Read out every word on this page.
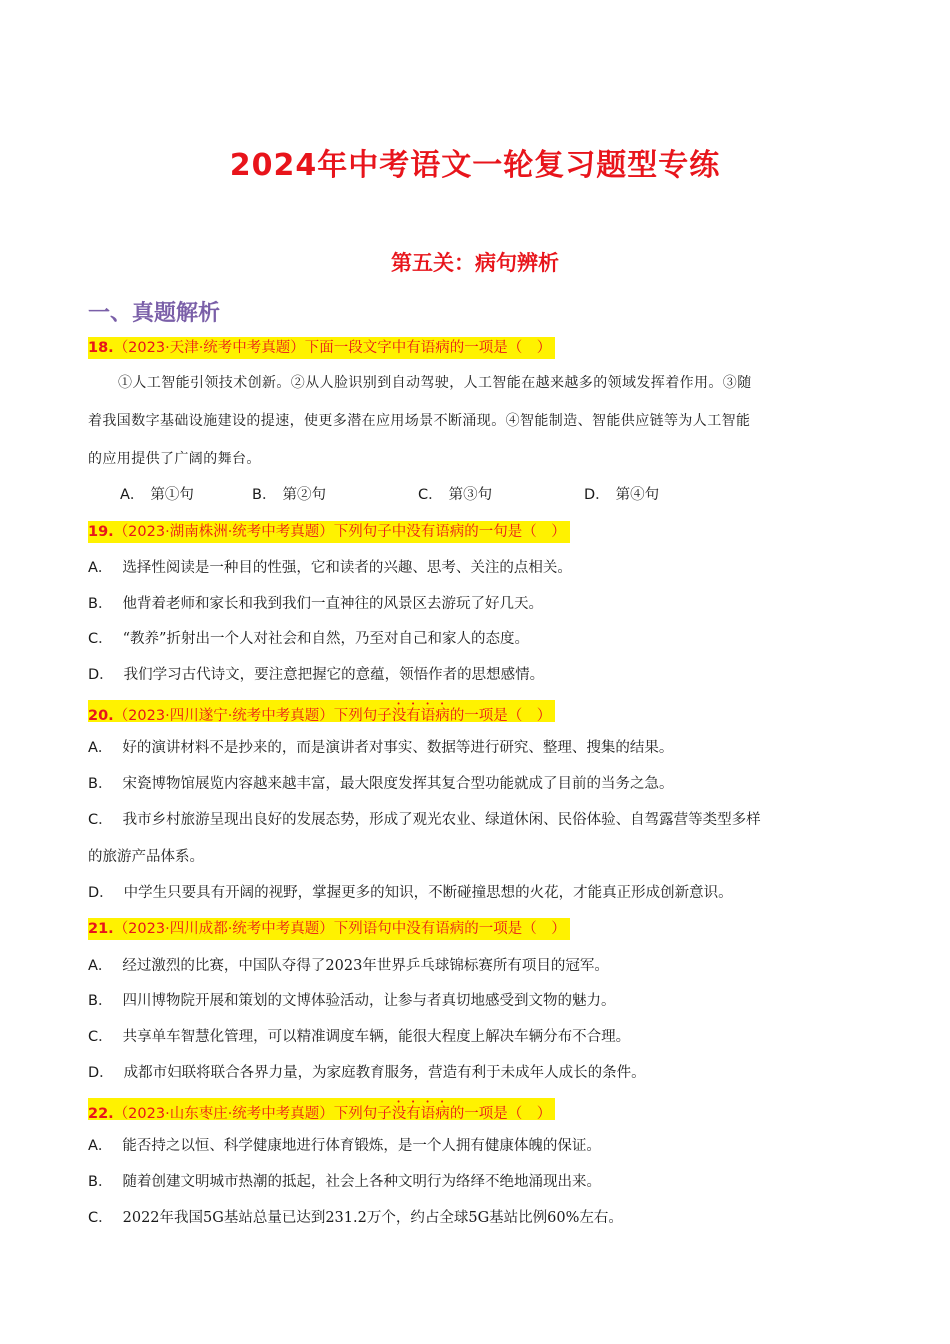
2024年中考语文一轮复习题型专练
第五关：病句辨析
一、真题解析
18.（2023·天津·统考中考真题）下面一段文字中有语病的一项是（　）
①人工智能引领技术创新。②从人脸识别到自动驾驶，人工智能在越来越多的领域发挥着作用。③随
着我国数字基础设施建设的提速，使更多潜在应用场景不断涌现。④智能制造、智能供应链等为人工智能
的应用提供了广阔的舞台。
A． 第①句	B． 第②句	C． 第③句	D． 第④句
19.（2023·湖南株洲·统考中考真题）下列句子中没有语病的一句是（　）
A． 选择性阅读是一种目的性强，它和读者的兴趣、思考、关注的点相关。
B． 他背着老师和家长和我到我们一直神往的风景区去游玩了好几天。
C． “教养”折射出一个人对社会和自然，乃至对自己和家人的态度。
D． 我们学习古代诗文，要注意把握它的意蕴，领悟作者的思想感情。
20.（2023·四川遂宁·统考中考真题）下列句子没有语病的一项是（　）
A． 好的演讲材料不是抄来的，而是演讲者对事实、数据等进行研究、整理、搜集的结果。
B． 宋瓷博物馆展览内容越来越丰富，最大限度发挥其复合型功能就成了目前的当务之急。
C． 我市乡村旅游呈现出良好的发展态势，形成了观光农业、绿道休闲、民俗体验、自驾露营等类型多样
的旅游产品体系。
D． 中学生只要具有开阔的视野，掌握更多的知识，不断碰撞思想的火花，才能真正形成创新意识。
21.（2023·四川成都·统考中考真题）下列语句中没有语病的一项是（　）
A． 经过激烈的比赛，中国队夺得了2023年世界乒乓球锦标赛所有项目的冠军。
B． 四川博物院开展和策划的文博体验活动，让参与者真切地感受到文物的魅力。
C． 共享单车智慧化管理，可以精准调度车辆，能很大程度上解决车辆分布不合理。
D． 成都市妇联将联合各界力量，为家庭教育服务，营造有利于未成年人成长的条件。
22.（2023·山东枣庄·统考中考真题）下列句子没有语病的一项是（　）
A． 能否持之以恒、科学健康地进行体育锻炼，是一个人拥有健康体魄的保证。
B． 随着创建文明城市热潮的抵起，社会上各种文明行为络绎不绝地涌现出来。
C． 2022年我国5G基站总量已达到231.2万个，约占全球5G基站比例60%左右。
